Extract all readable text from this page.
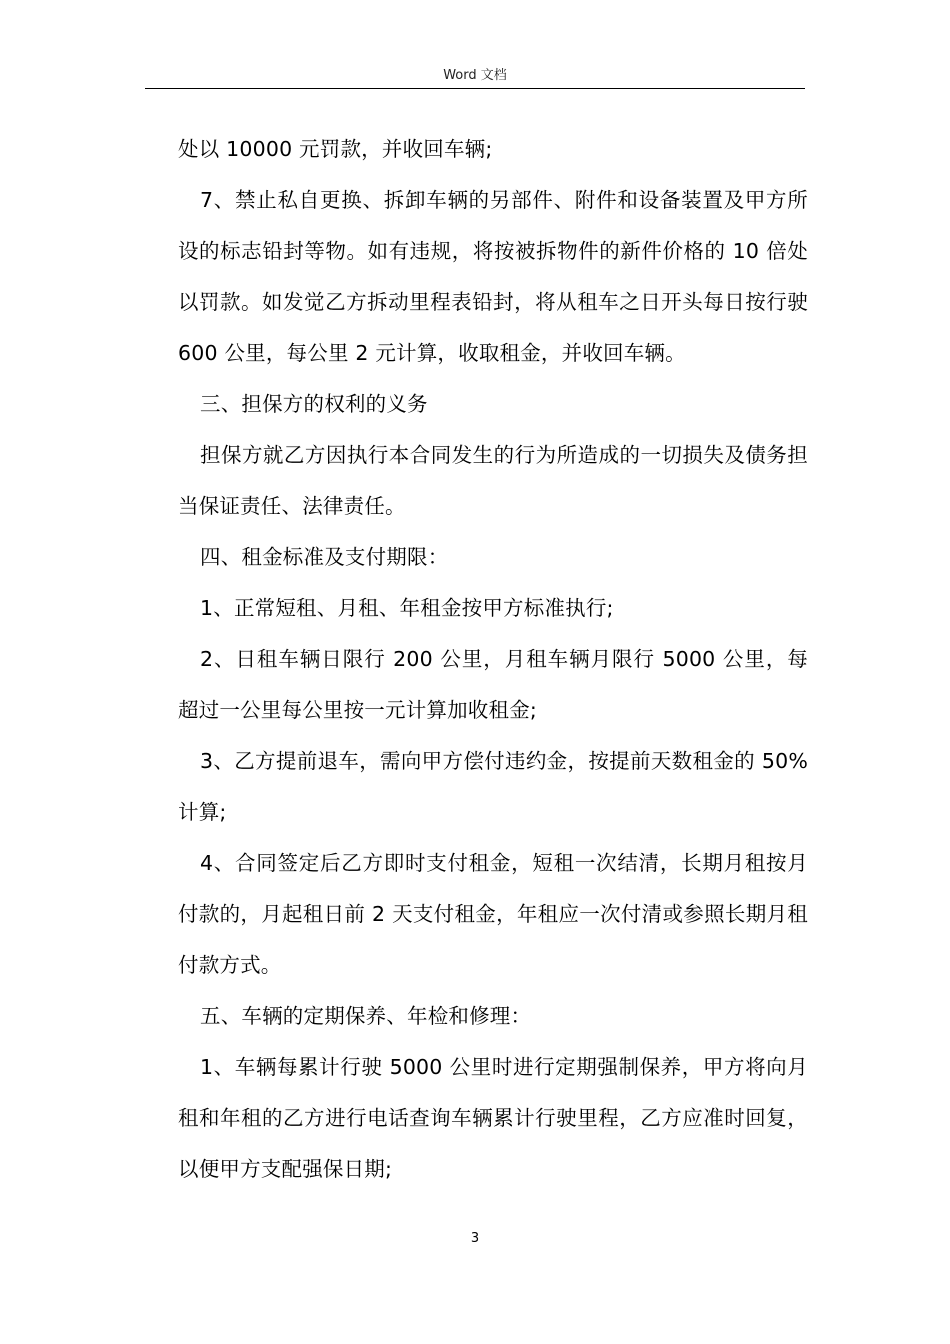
Word 文档

处以 10000 元罚款，并收回车辆;

7、禁止私自更换、拆卸车辆的另部件、附件和设备装置及甲方所设的标志铅封等物。如有违规，将按被拆物件的新件价格的 10 倍处以罚款。如发觉乙方拆动里程表铅封，将从租车之日开头每日按行驶 600 公里，每公里 2 元计算，收取租金，并收回车辆。

三、担保方的权利的义务

担保方就乙方因执行本合同发生的行为所造成的一切损失及债务担当保证责任、法律责任。

四、租金标准及支付期限：

1、正常短租、月租、年租金按甲方标准执行;

2、日租车辆日限行 200 公里，月租车辆月限行 5000 公里，每超过一公里每公里按一元计算加收租金;

3、乙方提前退车，需向甲方偿付违约金，按提前天数租金的 50%计算;

4、合同签定后乙方即时支付租金，短租一次结清，长期月租按月付款的，月起租日前 2 天支付租金，年租应一次付清或参照长期月租付款方式。

五、车辆的定期保养、年检和修理：

1、车辆每累计行驶 5000 公里时进行定期强制保养，甲方将向月租和年租的乙方进行电话查询车辆累计行驶里程，乙方应准时回复，以便甲方支配强保日期;

3
